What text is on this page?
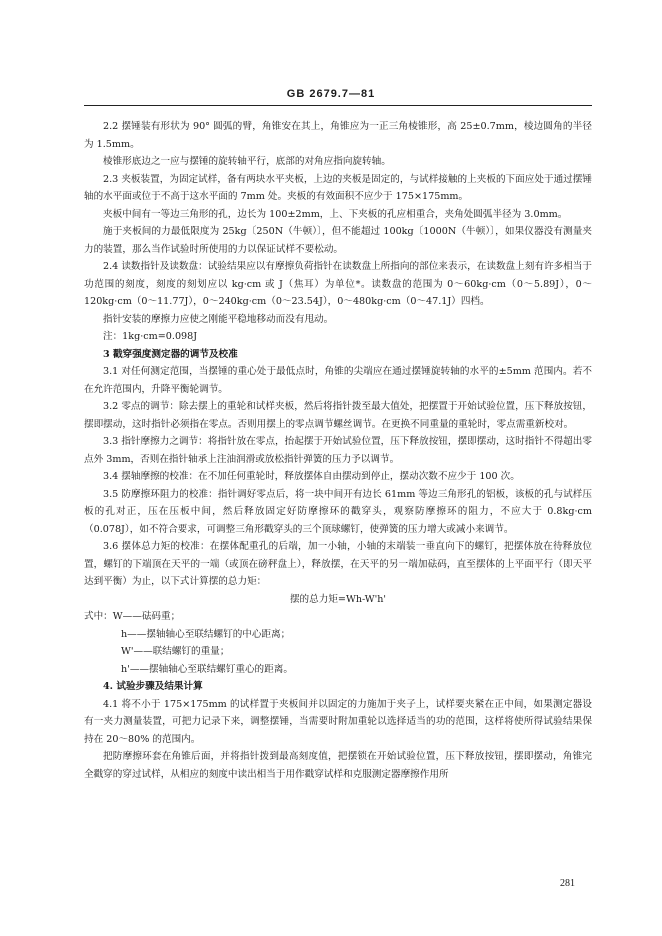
GB 2679.7—81

2.2 摆锤装有形状为 90° 圆弧的臂，角锥安在其上，角锥应为一正三角棱锥形，高 25±0.7mm，棱边圆角的半径为 1.5mm。

棱锥形底边之一应与摆锤的旋转轴平行，底部的对角应指向旋转轴。

2.3 夹板装置，为固定试样，备有两块水平夹板，上边的夹板是固定的，与试样接触的上夹板的下面应处于通过摆锤轴的水平面或位于不高于这水平面的 7mm 处。夹板的有效面积不应少于 175×175mm。

夹板中间有一等边三角形的孔，边长为 100±2mm，上、下夹板的孔应相重合，夹角处圆弧半径为 3.0mm。

施于夹板间的力最低限度为 25kg〔250N（牛顿）〕，但不能超过 100kg〔1000N（牛顿）〕，如果仪器没有测量夹力的装置，那么当作试验时所使用的力以保证试样不要松动。

2.4 读数指针及读数盘：试验结果应以有摩擦负荷指针在读数盘上所指向的部位来表示，在读数盘上刻有许多相当于功范围的刻度，刻度的刻划应以 kg·cm 或 J（焦耳）为单位*。读数盘的范围为 0～60kg·cm（0～5.89J），0～120kg·cm（0～11.77J），0～240kg·cm（0～23.54J），0～480kg·cm（0～47.1J）四档。

指针安装的摩擦力应使之刚能平稳地移动而没有甩动。

注：1kg·cm=0.098J

3 戳穿强度测定器的调节及校准

3.1 对任何测定范围，当摆锤的重心处于最低点时，角锥的尖端应在通过摆锤旋转轴的水平的±5mm 范围内。若不在允许范围内，升降平衡轮调节。

3.2 零点的调节：除去摆上的重轮和试样夹板，然后将指针拨至最大值处，把摆置于开始试验位置，压下释放按钮，摆即摆动，这时指针必须指在零点。否则用摆上的零点调节螺丝调节。在更换不同重量的重轮时，零点需重新校对。

3.3 指针摩擦力之调节：将指针放在零点，抬起摆于开始试验位置，压下释放按钮，摆即摆动，这时指针不得超出零点外 3mm，否则在指针轴承上注油润滑或放松指针弹簧的压力予以调节。

3.4 摆轴摩擦的校准：在不加任何重轮时，释放摆体自由摆动到停止，摆动次数不应少于 100 次。

3.5 防摩擦环阻力的校准：指针调好零点后，将一块中间开有边长 61mm 等边三角形孔的铝板，该板的孔与试样压板的孔对正，压在压板中间，然后释放固定好防摩擦环的戳穿头，观察防摩擦环的阻力，不应大于 0.8kg·cm（0.078J），如不符合要求，可调整三角形戳穿头的三个顶球螺钉，使弹簧的压力增大或减小来调节。

3.6 摆体总力矩的校准：在摆体配重孔的后端，加一小轴，小轴的末端装一垂直向下的螺钉，把摆体放在待释放位置，螺钉的下端顶在天平的一端（或顶在磅秤盘上），释放摆，在天平的另一端加砝码，直至摆体的上平面平行（即天平达到平衡）为止，以下式计算摆的总力矩：

摆的总力矩=Wh-W'h'

式中：W——砝码重；

h——摆轴轴心至联结螺钉的中心距离；

W'——联结螺钉的重量；

h'——摆轴轴心至联结螺钉重心的距离。

4. 试验步骤及结果计算

4.1 将不小于 175×175mm 的试样置于夹板间并以固定的力施加于夹子上，试样要夹紧在正中间，如果测定器设有一夹力测量装置，可把力记录下来，调整摆锤，当需要时附加重轮以选择适当的功的范围，这样将使所得试验结果保持在 20～80% 的范围内。

把防摩擦环套在角锥后面，并将指针拨到最高刻度值，把摆锁在开始试验位置，压下释放按钮，摆即摆动，角锥完全戳穿的穿过试样，从相应的刻度中读出相当于用作戳穿试样和克服测定器摩擦作用所

281
